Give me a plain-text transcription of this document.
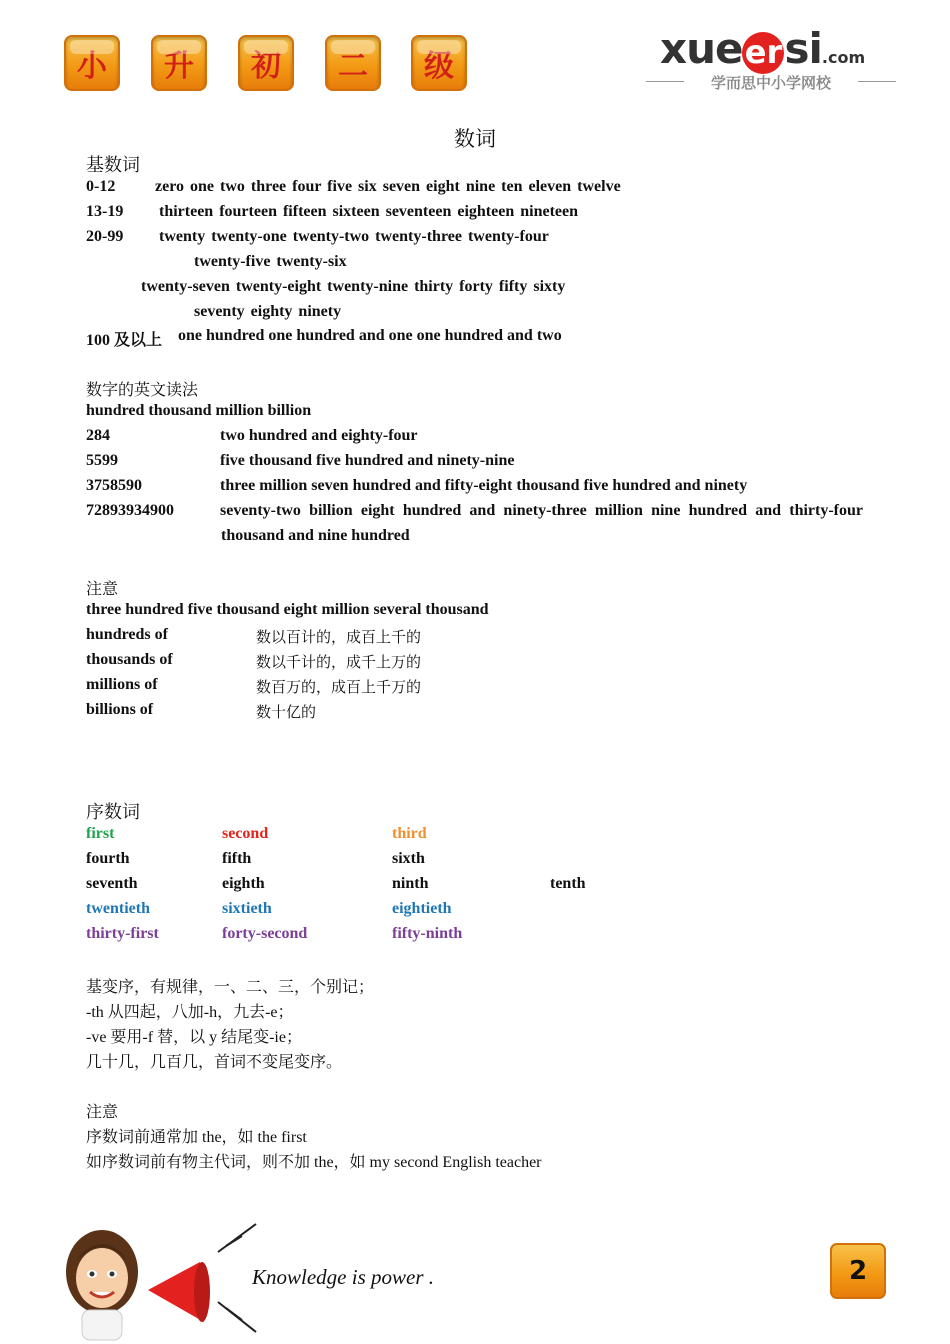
小	升	初	二	级	xueersi.com
学而思中小学网校
数词
基数词
0-12 zero one two three four five six seven eight nine ten eleven twelve
13-19 thirteen fourteen fifteen sixteen seventeen eighteen nineteen
20-99 twenty twenty-one twenty-two twenty-three twenty-four
twenty-five twenty-six
twenty-seven twenty-eight twenty-nine thirty forty fifty sixty
seventy eighty ninety
100 及以上 one hundred one hundred and one one hundred and two
数字的英文读法
hundred thousand million billion
284	two hundred and eighty-four
5599	five thousand five hundred and ninety-nine
3758590	three million seven hundred and fifty-eight thousand five hundred and ninety
72893934900	seventy-two billion eight hundred and ninety-three million nine hundred and thirty-four
thousand and nine hundred
注意
three hundred five thousand eight million several thousand
hundreds of	数以百计的，成百上千的
thousands of	数以千计的，成千上万的
millions of	数百万的，成百上千万的
billions of	数十亿的
序数词
first	second	third
fourth	fifth	sixth
seventh	eighth	ninth	tenth
twentieth	sixtieth	eightieth
thirty-first	forty-second	fifty-ninth
基变序，有规律，一、二、三，个别记；
-th 从四起，八加-h，九去-e；
-ve 要用-f 替，以 y 结尾变-ie；
几十几，几百几，首词不变尾变序。
注意
序数词前通常加 the，如 the first
如序数词前有物主代词，则不加 the，如 my second English teacher
Knowledge is power .	2
